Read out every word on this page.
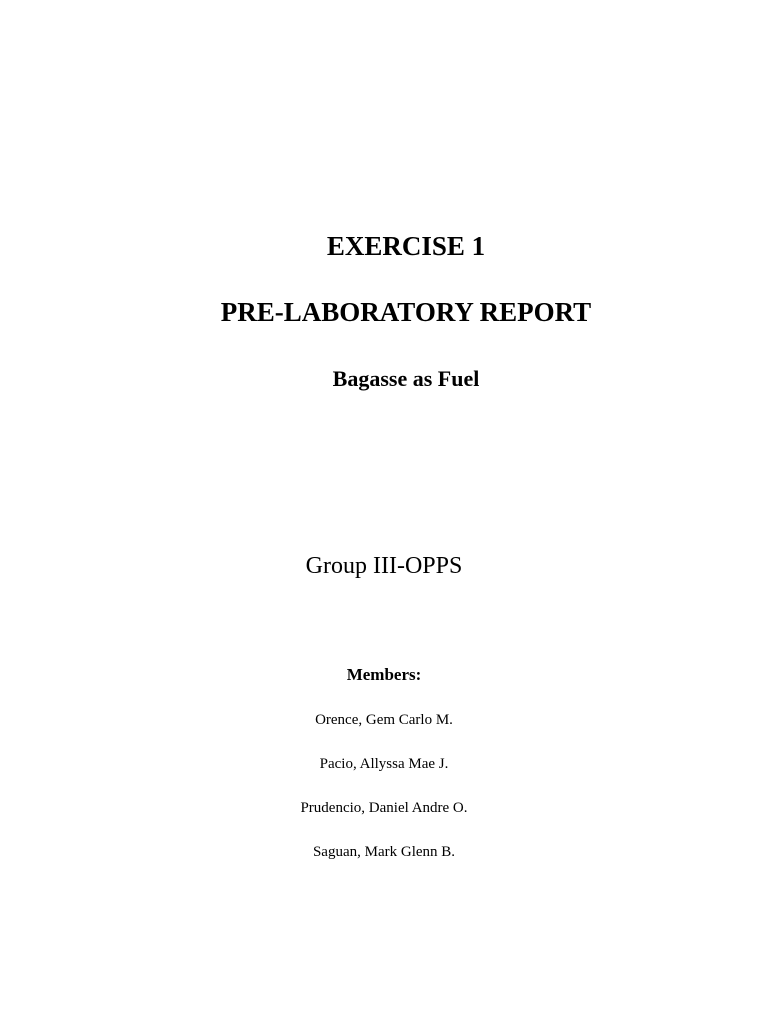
EXERCISE 1
PRE-LABORATORY REPORT
Bagasse as Fuel
Group III-OPPS
Members:
Orence, Gem Carlo M.
Pacio, Allyssa Mae J.
Prudencio, Daniel Andre O.
Saguan, Mark Glenn B.
